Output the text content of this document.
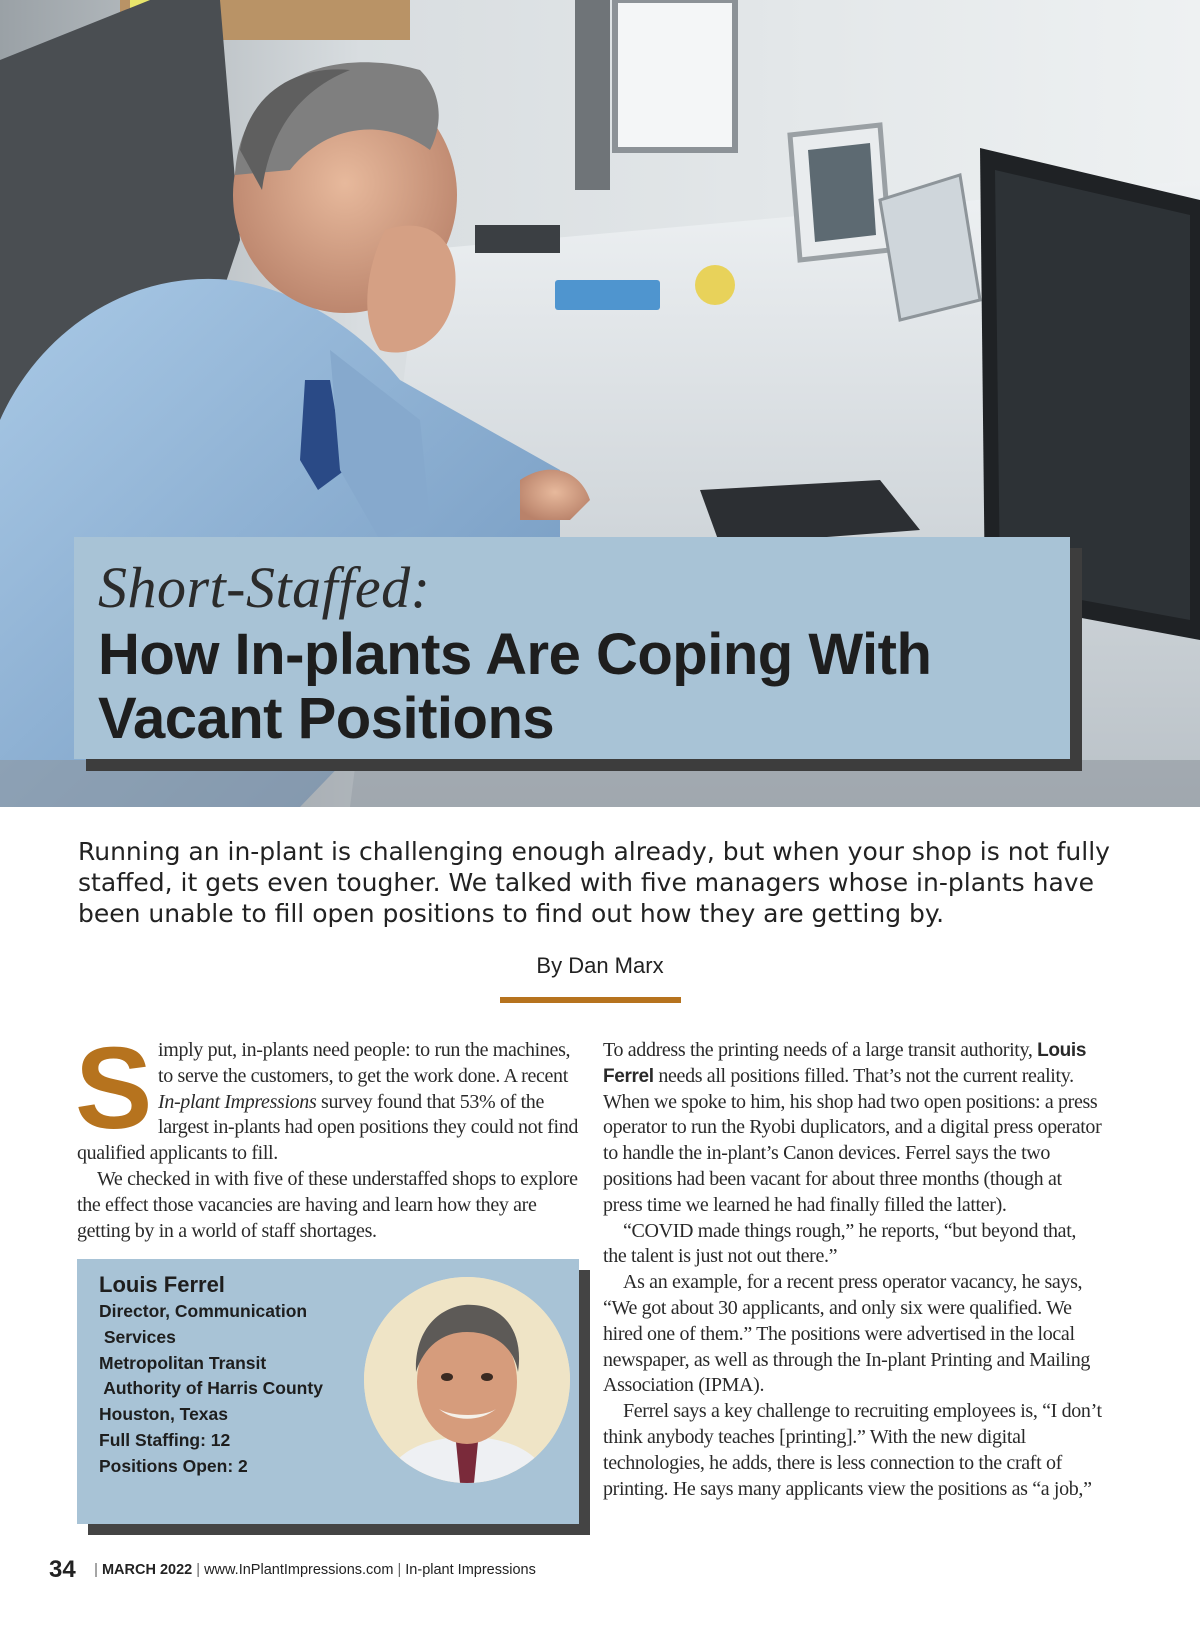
Short-Staffed:
How In-plants Are Coping With
Vacant Positions
Running an in-plant is challenging enough already, but when your shop is not fully staffed, it gets even tougher. We talked with five managers whose in-plants have been unable to fill open positions to find out how they are getting by.
By Dan Marx

Simply put, in-plants need people: to run the machines, to serve the customers, to get the work done. A recent In-plant Impressions survey found that 53% of the largest in-plants had open positions they could not find qualified applicants to fill.

We checked in with five of these understaffed shops to explore the effect those vacancies are having and learn how they are getting by in a world of staff shortages.

Louis Ferrel
Director, Communication
Services
Metropolitan Transit
Authority of Harris County
Houston, Texas
Full Staffing: 12
Positions Open: 2

To address the printing needs of a large transit authority, Louis Ferrel needs all positions filled. That’s not the current reality. When we spoke to him, his shop had two open positions: a press operator to run the Ryobi duplicators, and a digital press operator to handle the in-plant’s Canon devices. Ferrel says the two positions had been vacant for about three months (though at press time we learned he had finally filled the latter).

“COVID made things rough,” he reports, “but beyond that, the talent is just not out there.”

As an example, for a recent press operator vacancy, he says, “We got about 30 applicants, and only six were qualified. We hired one of them.” The positions were advertised in the local newspaper, as well as through the In-plant Printing and Mailing Association (IPMA).

Ferrel says a key challenge to recruiting employees is, “I don’t think anybody teaches [printing].” With the new digital technologies, he adds, there is less connection to the craft of printing. He says many applicants view the positions as “a job,”

34 | MARCH 2022 | www.InPlantImpressions.com | In-plant Impressions
